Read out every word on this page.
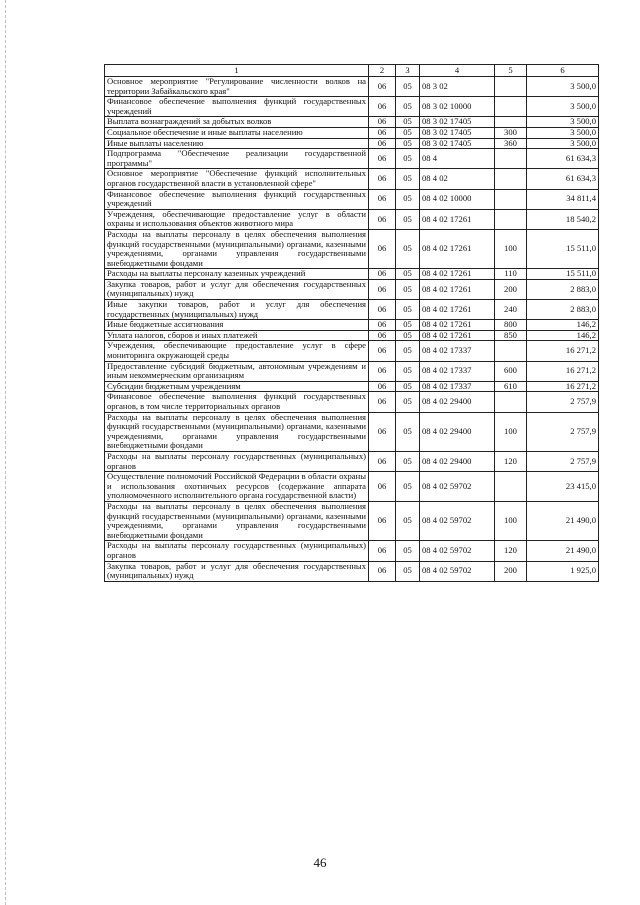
1	2	3	4	5	6
Основное мероприятие "Регулирование численности волков на территории Забайкальского края"	06	05	08 3 02		3 500,0
Финансовое обеспечение выполнения функций государственных учреждений	06	05	08 3 02 10000		3 500,0
Выплата вознаграждений за добытых волков	06	05	08 3 02 17405		3 500,0
Социальное обеспечение и иные выплаты населению	06	05	08 3 02 17405	300	3 500,0
Иные выплаты населению	06	05	08 3 02 17405	360	3 500,0
Подпрограмма "Обеспечение реализации государственной программы"	06	05	08 4		61 634,3
Основное мероприятие "Обеспечение функций исполнительных органов государственной власти в установленной сфере"	06	05	08 4 02		61 634,3
Финансовое обеспечение выполнения функций государственных учреждений	06	05	08 4 02 10000		34 811,4
Учреждения, обеспечивающие предоставление услуг в области охраны и использования объектов животного мира	06	05	08 4 02 17261		18 540,2
Расходы на выплаты персоналу в целях обеспечения выполнения функций государственными (муниципальными) органами, казенными учреждениями, органами управления государственными внебюджетными фондами	06	05	08 4 02 17261	100	15 511,0
Расходы на выплаты персоналу казенных учреждений	06	05	08 4 02 17261	110	15 511,0
Закупка товаров, работ и услуг для обеспечения государственных (муниципальных) нужд	06	05	08 4 02 17261	200	2 883,0
Иные закупки товаров, работ и услуг для обеспечения государственных (муниципальных) нужд	06	05	08 4 02 17261	240	2 883,0
Иные бюджетные ассигнования	06	05	08 4 02 17261	800	146,2
Уплата налогов, сборов и иных платежей	06	05	08 4 02 17261	850	146,2
Учреждения, обеспечивающие предоставление услуг в сфере мониторинга окружающей среды	06	05	08 4 02 17337		16 271,2
Предоставление субсидий бюджетным, автономным учреждениям и иным некоммерческим организациям	06	05	08 4 02 17337	600	16 271,2
Субсидии бюджетным учреждениям	06	05	08 4 02 17337	610	16 271,2
Финансовое обеспечение выполнения функций государственных органов, в том числе территориальных органов	06	05	08 4 02 29400		2 757,9
Расходы на выплаты персоналу в целях обеспечения выполнения функций государственными (муниципальными) органами, казенными учреждениями, органами управления государственными внебюджетными фондами	06	05	08 4 02 29400	100	2 757,9
Расходы на выплаты персоналу государственных (муниципальных) органов	06	05	08 4 02 29400	120	2 757,9
Осуществление полномочий Российской Федерации в области охраны и использования охотничьих ресурсов (содержание аппарата уполномоченного исполнительного органа государственной власти)	06	05	08 4 02 59702		23 415,0
Расходы на выплаты персоналу в целях обеспечения выполнения функций государственными (муниципальными) органами, казенными учреждениями, органами управления государственными внебюджетными фондами	06	05	08 4 02 59702	100	21 490,0
Расходы на выплаты персоналу государственных (муниципальных) органов	06	05	08 4 02 59702	120	21 490,0
Закупка товаров, работ и услуг для обеспечения государственных (муниципальных) нужд	06	05	08 4 02 59702	200	1 925,0
46
